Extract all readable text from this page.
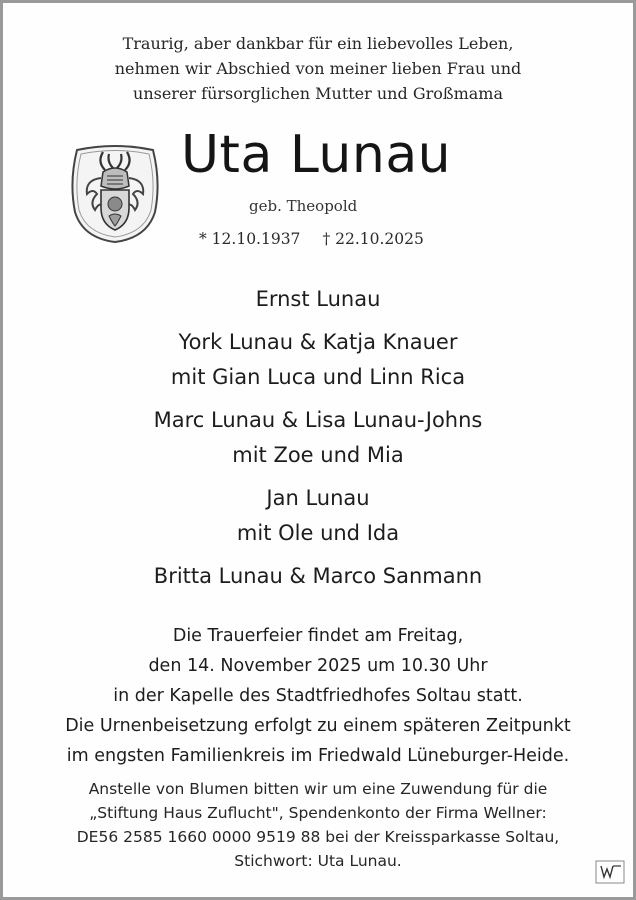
Traurig, aber dankbar für ein liebevolles Leben,
nehmen wir Abschied von meiner lieben Frau und
unserer fürsorglichen Mutter und Großmama
Uta Lunau
geb. Theopold
* 12.10.1937 † 22.10.2025
Ernst Lunau
York Lunau & Katja Knauer
mit Gian Luca und Linn Rica
Marc Lunau & Lisa Lunau-Johns
mit Zoe und Mia
Jan Lunau
mit Ole und Ida
Britta Lunau & Marco Sanmann
Die Trauerfeier findet am Freitag,
den 14. November 2025 um 10.30 Uhr
in der Kapelle des Stadtfriedhofes Soltau statt.
Die Urnenbeisetzung erfolgt zu einem späteren Zeitpunkt
im engsten Familienkreis im Friedwald Lüneburger-Heide.
Anstelle von Blumen bitten wir um eine Zuwendung für die
„Stiftung Haus Zuflucht", Spendenkonto der Firma Wellner:
DE56 2585 1660 0000 9519 88 bei der Kreissparkasse Soltau,
Stichwort: Uta Lunau.
